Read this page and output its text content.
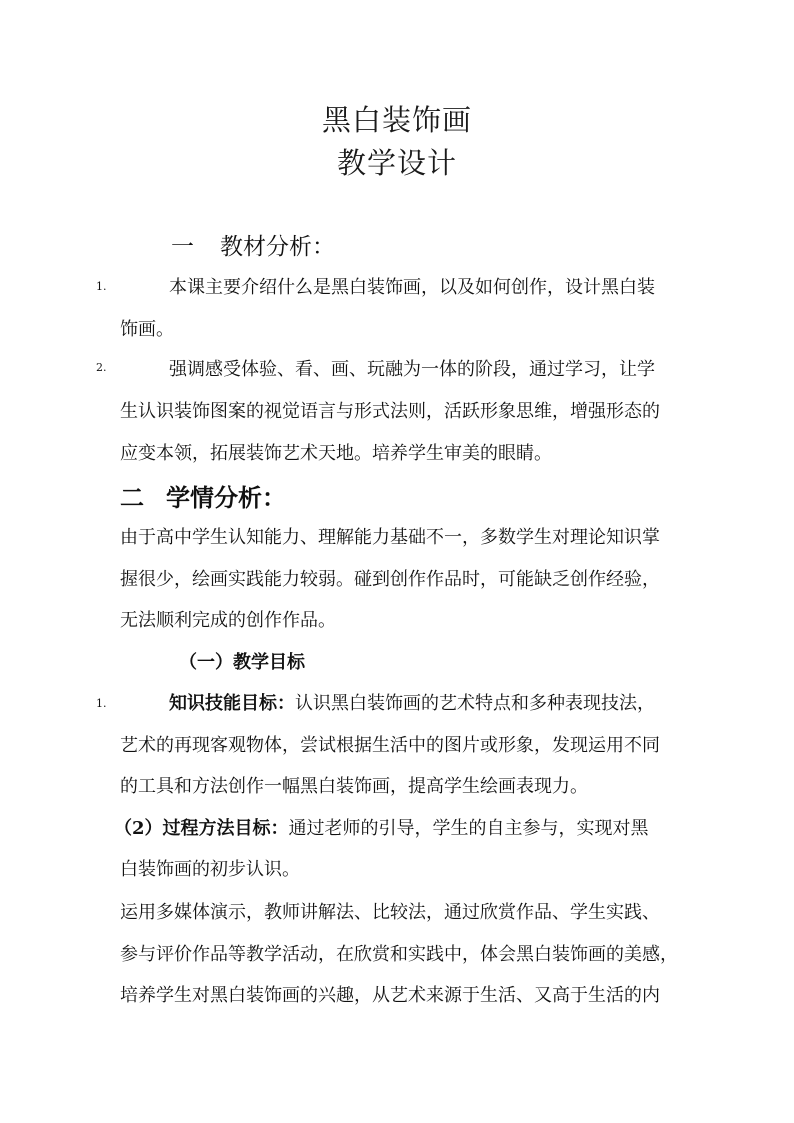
黑白装饰画
教学设计
一 教材分析：
1.	本课主要介绍什么是黑白装饰画，以及如何创作，设计黑白装
饰画。
2.	强调感受体验、看、画、玩融为一体的阶段，通过学习，让学
生认识装饰图案的视觉语言与形式法则，活跃形象思维，增强形态的
应变本领，拓展装饰艺术天地。培养学生审美的眼睛。
二 学情分析：
由于高中学生认知能力、理解能力基础不一，多数学生对理论知识掌
握很少，绘画实践能力较弱。碰到创作作品时，可能缺乏创作经验，
无法顺利完成的创作作品。
（一）教学目标
1.	知识技能目标：认识黑白装饰画的艺术特点和多种表现技法，
艺术的再现客观物体，尝试根据生活中的图片或形象，发现运用不同
的工具和方法创作一幅黑白装饰画，提高学生绘画表现力。
（2）过程方法目标：通过老师的引导，学生的自主参与，实现对黑
白装饰画的初步认识。
运用多媒体演示，教师讲解法、比较法，通过欣赏作品、学生实践、
参与评价作品等教学活动，在欣赏和实践中，体会黑白装饰画的美感，
培养学生对黑白装饰画的兴趣，从艺术来源于生活、又高于生活的内
